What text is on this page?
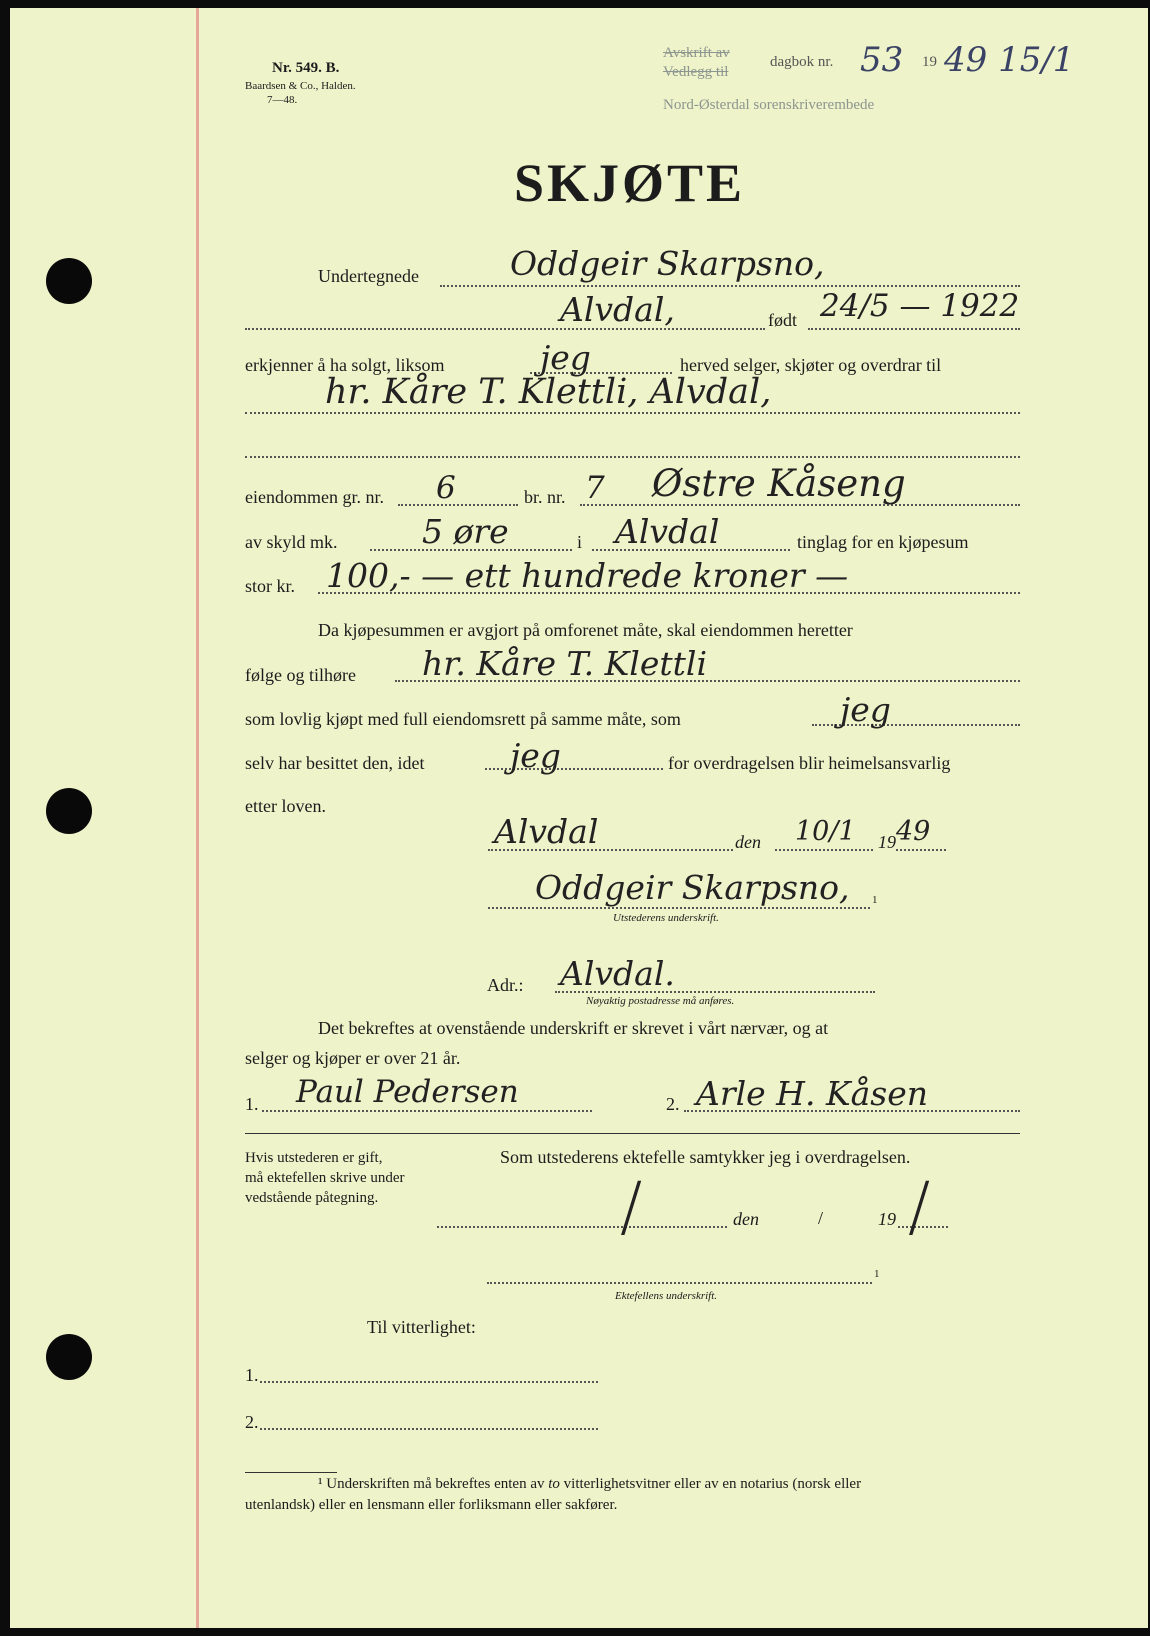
Nr. 549. B.
Baardsen & Co., Halden.
7—48.
Avskrift av
Vedlegg til
dagbok nr.
Nord-Østerdal sorenskriverembede
53 19 49 15/1
SKJØTE
Undertegnede	Oddgeir Skarpsno,
Alvdal,	født 24/5 — 1922
erkjenner å ha solgt, liksom	jeg	herved selger, skjøter og overdrar til
hr. Kåre T. Klettli, Alvdal,
eiendommen gr. nr. 6	br. nr. 7 Østre Kåseng
av skyld mk.	5 øre	i Alvdal	tinglag for en kjøpesum
stor kr. 100,- — ett hundrede kroner —
Da kjøpesummen er avgjort på omforenet måte, skal eiendommen heretter
følge og tilhøre hr. Kåre T. Klettli
som lovlig kjøpt med full eiendomsrett på samme måte, som	jeg
selv har besittet den, idet	jeg	for overdragelsen blir heimelsansvarlig
etter loven.
Alvdal	den 10/1 19 49
Oddgeir Skarpsno, 1
Utstederens underskrift.
Adr.: Alvdal.
Nøyaktig postadresse må anføres.
Det bekreftes at ovenstående underskrift er skrevet i vårt nærvær, og at
selger og kjøper er over 21 år.
1. Paul Pedersen	2. Arle H. Kåsen
Hvis utstederen er gift,
må ektefellen skrive under
vedstående påtegning.
Som utstederens ektefelle samtykker jeg i overdragelsen.
/	den	/	19 /
1
Ektefellens underskrift.
Til vitterlighet:
1.
2.
¹ Underskriften må bekreftes enten av to vitterlighetsvitner eller av en notarius (norsk eller
utenlandsk) eller en lensmann eller forliksmann eller sakfører.
